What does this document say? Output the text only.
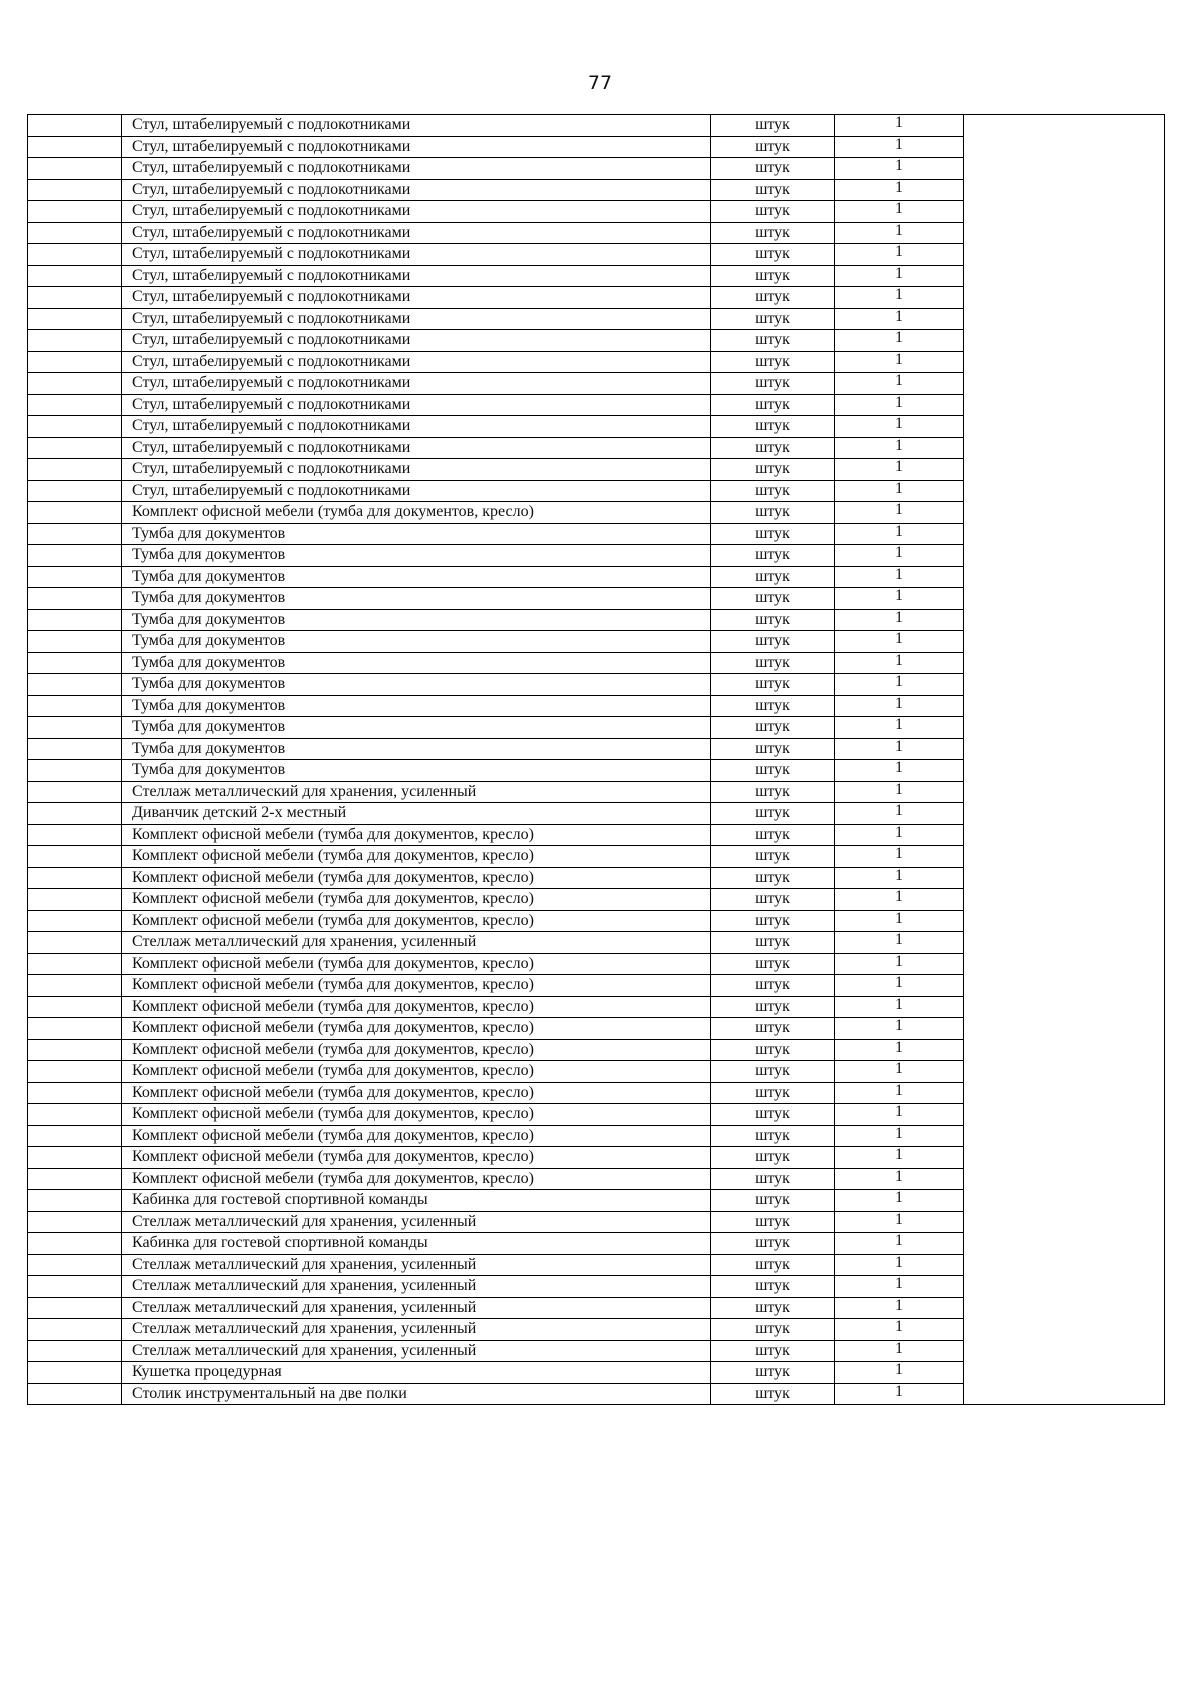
77
	Стул, штабелируемый с подлокотниками	штук	1	
	Стул, штабелируемый с подлокотниками	штук	1	
	Стул, штабелируемый с подлокотниками	штук	1	
	Стул, штабелируемый с подлокотниками	штук	1	
	Стул, штабелируемый с подлокотниками	штук	1	
	Стул, штабелируемый с подлокотниками	штук	1	
	Стул, штабелируемый с подлокотниками	штук	1	
	Стул, штабелируемый с подлокотниками	штук	1	
	Стул, штабелируемый с подлокотниками	штук	1	
	Стул, штабелируемый с подлокотниками	штук	1	
	Стул, штабелируемый с подлокотниками	штук	1	
	Стул, штабелируемый с подлокотниками	штук	1	
	Стул, штабелируемый с подлокотниками	штук	1	
	Стул, штабелируемый с подлокотниками	штук	1	
	Стул, штабелируемый с подлокотниками	штук	1	
	Стул, штабелируемый с подлокотниками	штук	1	
	Стул, штабелируемый с подлокотниками	штук	1	
	Стул, штабелируемый с подлокотниками	штук	1	
	Комплект офисной мебели (тумба для документов, кресло)	штук	1	
	Тумба для документов	штук	1	
	Тумба для документов	штук	1	
	Тумба для документов	штук	1	
	Тумба для документов	штук	1	
	Тумба для документов	штук	1	
	Тумба для документов	штук	1	
	Тумба для документов	штук	1	
	Тумба для документов	штук	1	
	Тумба для документов	штук	1	
	Тумба для документов	штук	1	
	Тумба для документов	штук	1	
	Тумба для документов	штук	1	
	Стеллаж металлический для хранения, усиленный	штук	1	
	Диванчик детский 2-х местный	штук	1	
	Комплект офисной мебели (тумба для документов, кресло)	штук	1	
	Комплект офисной мебели (тумба для документов, кресло)	штук	1	
	Комплект офисной мебели (тумба для документов, кресло)	штук	1	
	Комплект офисной мебели (тумба для документов, кресло)	штук	1	
	Комплект офисной мебели (тумба для документов, кресло)	штук	1	
	Стеллаж металлический для хранения, усиленный	штук	1	
	Комплект офисной мебели (тумба для документов, кресло)	штук	1	
	Комплект офисной мебели (тумба для документов, кресло)	штук	1	
	Комплект офисной мебели (тумба для документов, кресло)	штук	1	
	Комплект офисной мебели (тумба для документов, кресло)	штук	1	
	Комплект офисной мебели (тумба для документов, кресло)	штук	1	
	Комплект офисной мебели (тумба для документов, кресло)	штук	1	
	Комплект офисной мебели (тумба для документов, кресло)	штук	1	
	Комплект офисной мебели (тумба для документов, кресло)	штук	1	
	Комплект офисной мебели (тумба для документов, кресло)	штук	1	
	Комплект офисной мебели (тумба для документов, кресло)	штук	1	
	Комплект офисной мебели (тумба для документов, кресло)	штук	1	
	Кабинка для гостевой спортивной команды	штук	1	
	Стеллаж металлический для хранения, усиленный	штук	1	
	Кабинка для гостевой спортивной команды	штук	1	
	Стеллаж металлический для хранения, усиленный	штук	1	
	Стеллаж металлический для хранения, усиленный	штук	1	
	Стеллаж металлический для хранения, усиленный	штук	1	
	Стеллаж металлический для хранения, усиленный	штук	1	
	Стеллаж металлический для хранения, усиленный	штук	1	
	Кушетка процедурная	штук	1	
	Столик инструментальный на две полки	штук	1	
